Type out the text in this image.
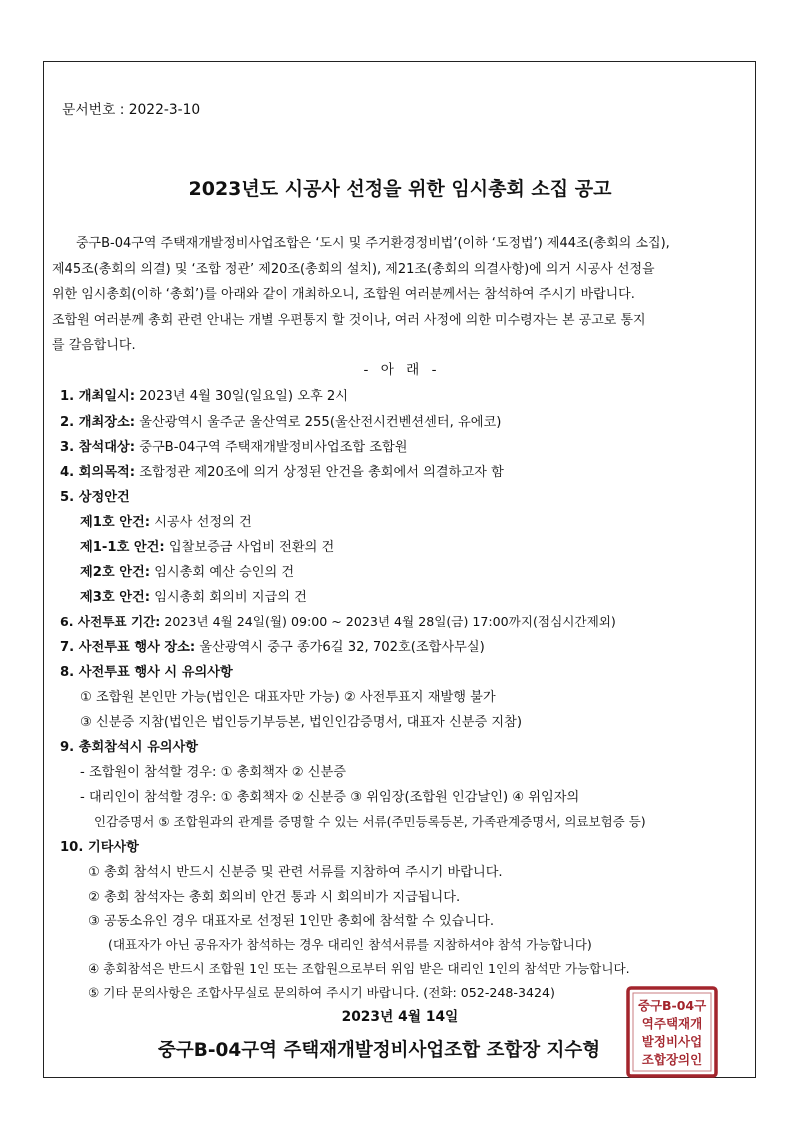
문서번호 : 2022-3-10
2023년도 시공사 선정을 위한 임시총회 소집 공고
중구B-04구역 주택재개발정비사업조합은 ‘도시 및 주거환경정비법’(이하 ‘도정법’) 제44조(총회의 소집),
제45조(총회의 의결) 및 ‘조합 정관’ 제20조(총회의 설치), 제21조(총회의 의결사항)에 의거 시공사 선정을
위한 임시총회(이하 ‘총회’)를 아래와 같이 개최하오니, 조합원 여러분께서는 참석하여 주시기 바랍니다.
조합원 여러분께 총회 관련 안내는 개별 우편통지 할 것이나, 여러 사정에 의한 미수령자는 본 공고로 통지
를 갈음합니다.
- 아 래 -
1. 개최일시: 2023년 4월 30일(일요일) 오후 2시
2. 개최장소: 울산광역시 울주군 울산역로 255(울산전시컨벤션센터, 유에코)
3. 참석대상: 중구B-04구역 주택재개발정비사업조합 조합원
4. 회의목적: 조합정관 제20조에 의거 상정된 안건을 총회에서 의결하고자 함
5. 상정안건
제1호 안건: 시공사 선정의 건
제1-1호 안건: 입찰보증금 사업비 전환의 건
제2호 안건: 임시총회 예산 승인의 건
제3호 안건: 임시총회 회의비 지급의 건
6. 사전투표 기간: 2023년 4월 24일(월) 09:00 ~ 2023년 4월 28일(금) 17:00까지(점심시간제외)
7. 사전투표 행사 장소: 울산광역시 중구 종가6길 32, 702호(조합사무실)
8. 사전투표 행사 시 유의사항
① 조합원 본인만 가능(법인은 대표자만 가능) ② 사전투표지 재발행 불가
③ 신분증 지참(법인은 법인등기부등본, 법인인감증명서, 대표자 신분증 지참)
9. 총회참석시 유의사항
- 조합원이 참석할 경우: ① 총회책자 ② 신분증
- 대리인이 참석할 경우: ① 총회책자 ② 신분증 ③ 위임장(조합원 인감날인) ④ 위임자의
인감증명서 ⑤ 조합원과의 관계를 증명할 수 있는 서류(주민등록등본, 가족관계증명서, 의료보험증 등)
10. 기타사항
① 총회 참석시 반드시 신분증 및 관련 서류를 지참하여 주시기 바랍니다.
② 총회 참석자는 총회 회의비 안건 통과 시 회의비가 지급됩니다.
③ 공동소유인 경우 대표자로 선정된 1인만 총회에 참석할 수 있습니다.
(대표자가 아닌 공유자가 참석하는 경우 대리인 참석서류를 지참하셔야 참석 가능합니다)
④ 총회참석은 반드시 조합원 1인 또는 조합원으로부터 위임 받은 대리인 1인의 참석만 가능합니다.
⑤ 기타 문의사항은 조합사무실로 문의하여 주시기 바랍니다. (전화: 052-248-3424)
2023년 4월 14일
중구B-04구역 주택재개발정비사업조합 조합장 지수형
중구B-04구
역주택재개
발정비사업
조합장의인
